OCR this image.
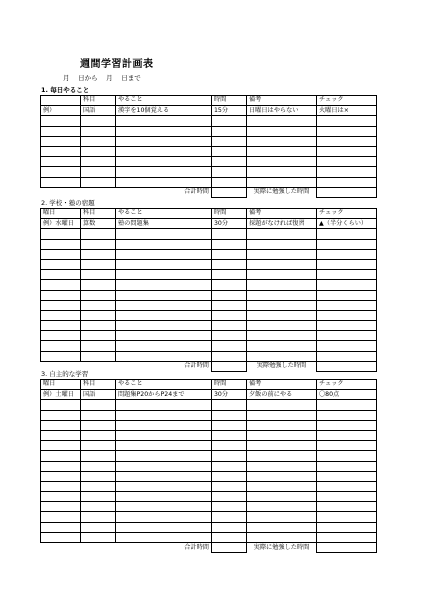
週間学習計画表
月　 日から　 月　 日まで
1. 毎日やること
	科目	やること	時間	備考	チェック
例）	国語	漢字を10個覚える	15分	日曜日はやらない	火曜日は×

		合計時間		実際に勉強した時間	
2. 学校・塾の宿題
曜日	科目	やること	時間	備考	チェック
例）水曜日	算数	塾の問題集	30分	採題がなければ復習	▲（半分くらい）

		合計時間		実際勉強した時間	
3. 自主的な学習
曜日	科目	やること	時間	備考	チェック
例）土曜日	国語	問題集P20からP24まで	30分	夕飯の前にやる	〇80点

		合計時間		実際に勉強した時間	
